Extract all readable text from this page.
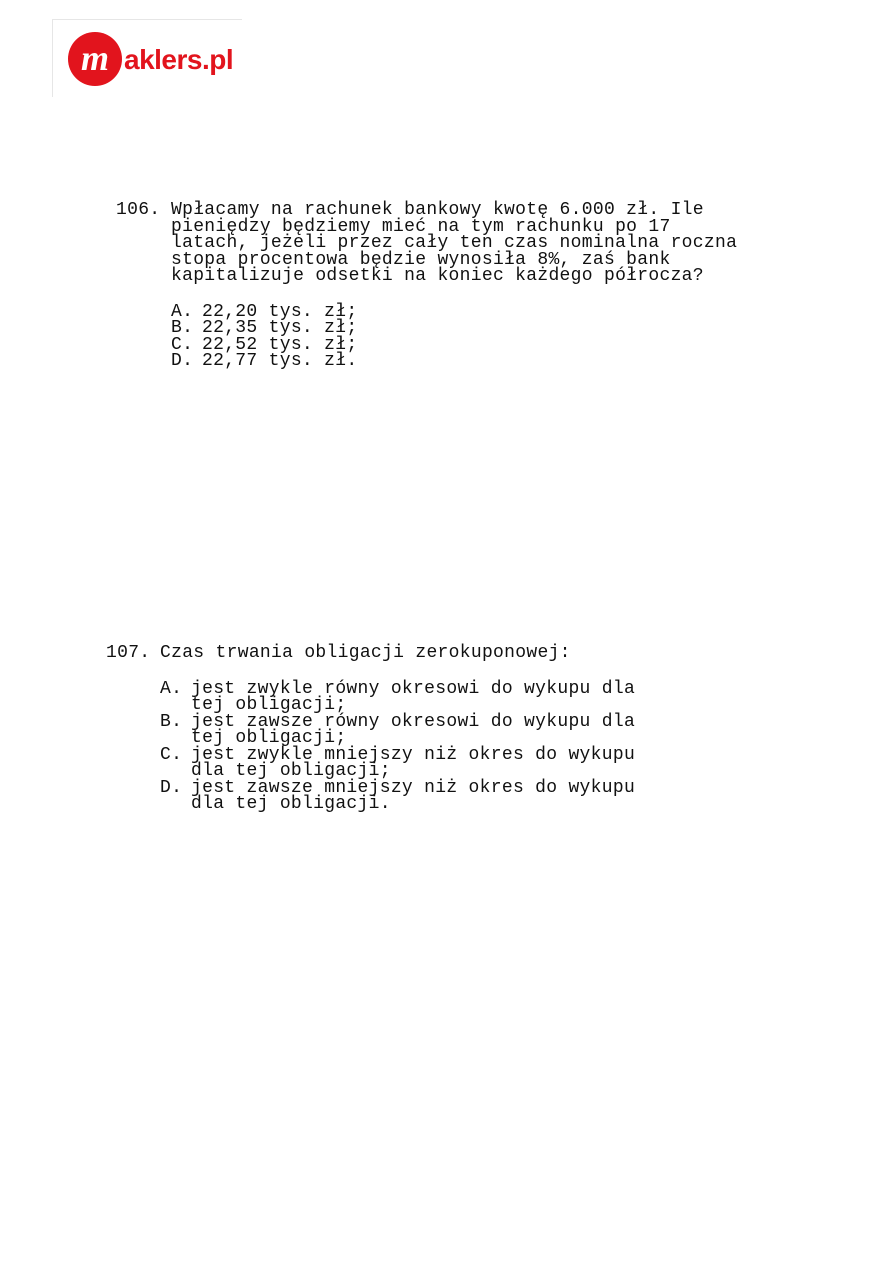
m aklers.pl
106. Wpłacamy na rachunek bankowy kwotę 6.000 zł. Ile pieniędzy będziemy mieć na tym rachunku po 17 latach, jeżeli przez cały ten czas nominalna roczna stopa procentowa będzie wynosiła 8%, zaś bank kapitalizuje odsetki na koniec każdego półrocza?
A. 22,20 tys. zł;
B. 22,35 tys. zł;
C. 22,52 tys. zł;
D. 22,77 tys. zł.
107. Czas trwania obligacji zerokuponowej:
A. jest zwykle równy okresowi do wykupu dla tej obligacji;
B. jest zawsze równy okresowi do wykupu dla tej obligacji;
C. jest zwykle mniejszy niż okres do wykupu dla tej obligacji;
D. jest zawsze mniejszy niż okres do wykupu dla tej obligacji.
